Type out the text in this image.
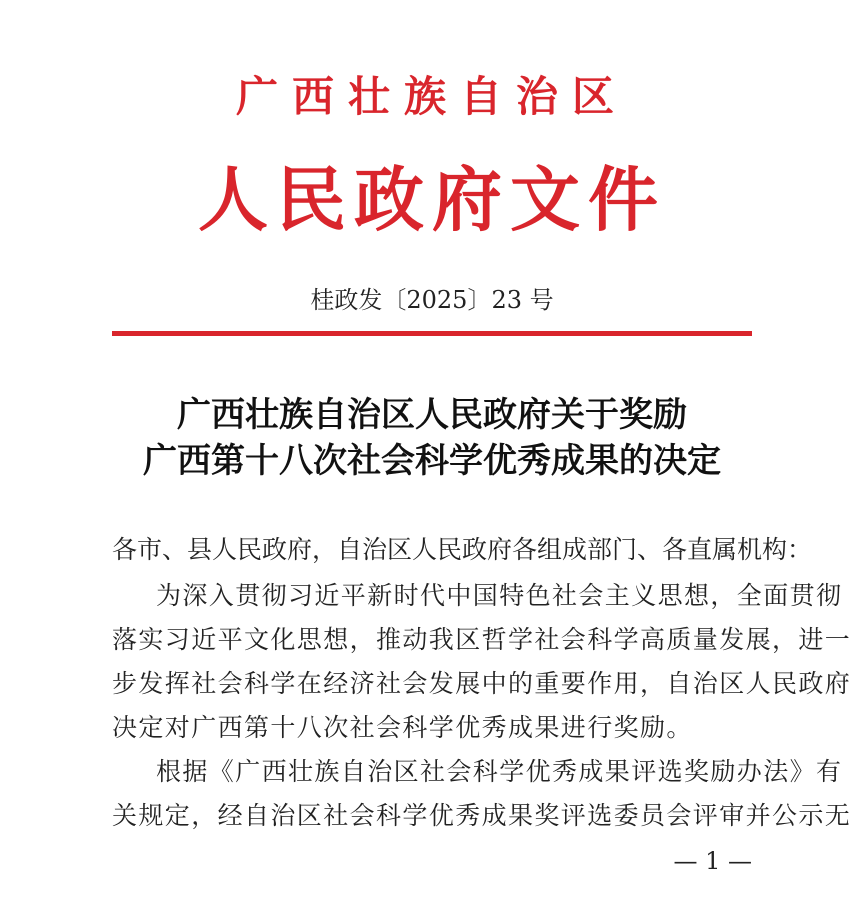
广西壮族自治区
人民政府文件
桂政发〔2025〕23 号
广西壮族自治区人民政府关于奖励
广西第十八次社会科学优秀成果的决定
各市、县人民政府，自治区人民政府各组成部门、各直属机构：
为深入贯彻习近平新时代中国特色社会主义思想，全面贯彻
落实习近平文化思想，推动我区哲学社会科学高质量发展，进一
步发挥社会科学在经济社会发展中的重要作用，自治区人民政府
决定对广西第十八次社会科学优秀成果进行奖励。
根据《广西壮族自治区社会科学优秀成果评选奖励办法》有
关规定，经自治区社会科学优秀成果奖评选委员会评审并公示无
— 1 —
